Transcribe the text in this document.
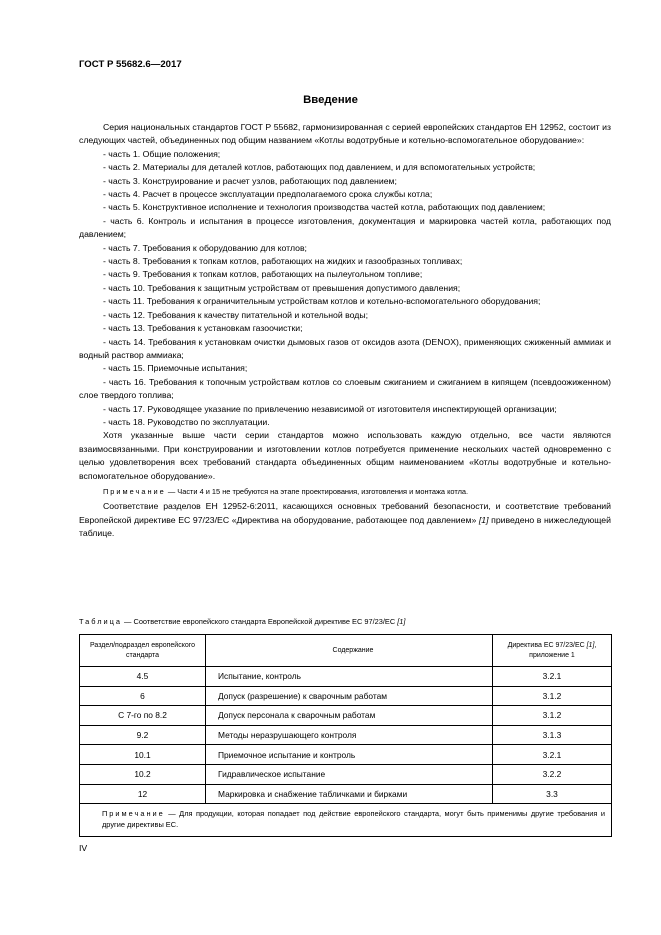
ГОСТ Р 55682.6—2017
Введение

Серия национальных стандартов ГОСТ Р 55682, гармонизированная с серией европейских стандартов ЕН 12952, состоит из следующих частей, объединенных под общим названием «Котлы водотрубные и котельно-вспомогательное оборудование»:

- часть 1. Общие положения;

- часть 2. Материалы для деталей котлов, работающих под давлением, и для вспомогательных устройств;

- часть 3. Конструирование и расчет узлов, работающих под давлением;

- часть 4. Расчет в процессе эксплуатации предполагаемого срока службы котла;

- часть 5. Конструктивное исполнение и технология производства частей котла, работающих под давлением;

- часть 6. Контроль и испытания в процессе изготовления, документация и маркировка частей котла, работающих под давлением;

- часть 7. Требования к оборудованию для котлов;

- часть 8. Требования к топкам котлов, работающих на жидких и газообразных топливах;

- часть 9. Требования к топкам котлов, работающих на пылеугольном топливе;

- часть 10. Требования к защитным устройствам от превышения допустимого давления;

- часть 11. Требования к ограничительным устройствам котлов и котельно-вспомогательного оборудования;

- часть 12. Требования к качеству питательной и котельной воды;

- часть 13. Требования к установкам газоочистки;

- часть 14. Требования к установкам очистки дымовых газов от оксидов азота (DENOX), применяющих сжиженный аммиак и водный раствор аммиака;

- часть 15. Приемочные испытания;

- часть 16. Требования к топочным устройствам котлов со слоевым сжиганием и сжиганием в кипящем (псевдоожиженном) слое твердого топлива;

- часть 17. Руководящее указание по привлечению независимой от изготовителя инспектирующей организации;

- часть 18. Руководство по эксплуатации.

Хотя указанные выше части серии стандартов можно использовать каждую отдельно, все части являются взаимосвязанными. При конструировании и изготовлении котлов потребуется применение нескольких частей одновременно с целью удовлетворения всех требований стандарта объединенных общим наименованием «Котлы водотрубные и котельно-вспомогательное оборудование».

Примечание — Части 4 и 15 не требуются на этапе проектирования, изготовления и монтажа котла.

Соответствие разделов ЕН 12952-6:2011, касающихся основных требований безопасности, и соответствие требований Европейской директиве ЕС 97/23/ЕС «Директива на оборудование, работающее под давлением» [1] приведено в нижеследующей таблице.

Таблица — Соответствие европейского стандарта Европейской директиве ЕС 97/23/ЕС [1]
Раздел/подраздел европейского стандарта	Содержание	Директива ЕС 97/23/ЕС [1], приложение 1
4.5	Испытание, контроль	3.2.1
6	Допуск (разрешение) к сварочным работам	3.1.2
С 7-го по 8.2	Допуск персонала к сварочным работам	3.1.2
9.2	Методы неразрушающего контроля	3.1.3
10.1	Приемочное испытание и контроль	3.2.1
10.2	Гидравлическое испытание	3.2.2
12	Маркировка и снабжение табличками и бирками	3.3
Примечание — Для продукции, которая попадает под действие европейского стандарта, могут быть применимы другие требования и другие директивы ЕС.		
IV
